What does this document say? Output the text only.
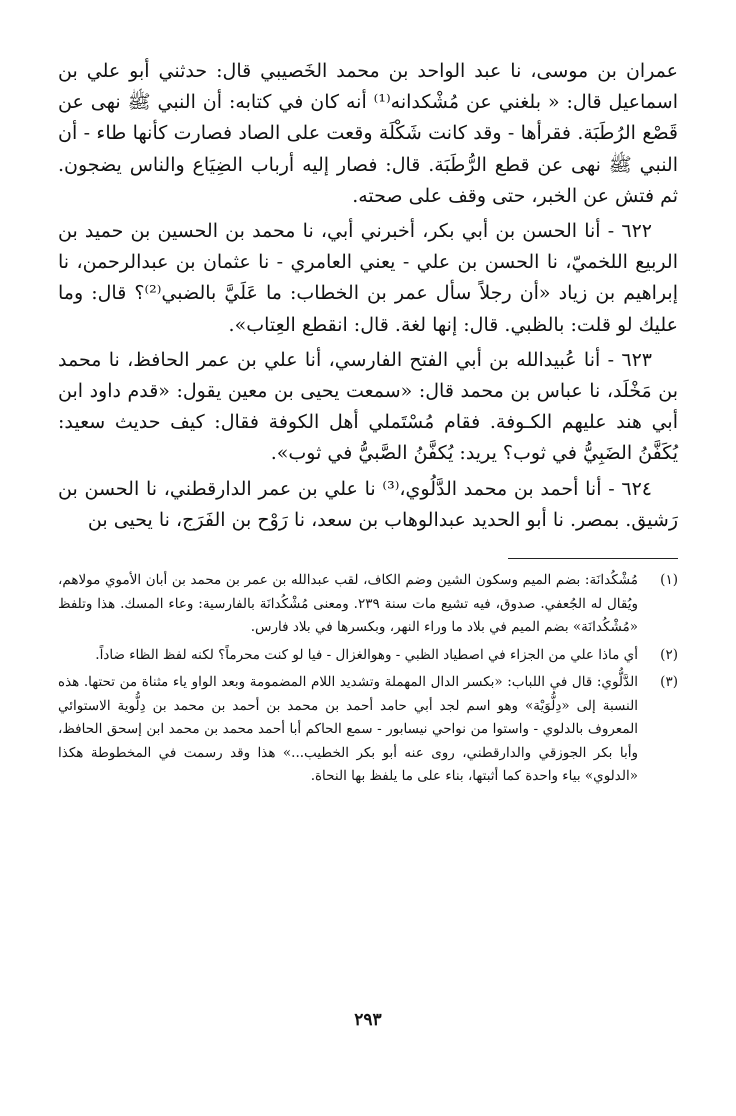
عمران بن موسى، نا عبد الواحد بن محمد الخَصيبي قال: حدثني أبو علي بن اسماعيل قال: « بلغني عن مُشْكدانه⁽¹⁾ أنه كان في كتابه: أن النبي ﷺ نهى عن قَصْع الرُطَبَة. فقرأها - وقد كانت شَكْلَة وقعت على الصاد فصارت كأنها طاء - أن النبي ﷺ نهى عن قطع الرُّطَبَة. قال: فصار إليه أرباب الضِيَاع والناس يضجون. ثم فتش عن الخبر، حتى وقف على صحته.

٦٢٢ - أنا الحسن بن أبي بكر، أخبرني أبي، نا محمد بن الحسين بن حميد بن الربيع اللخميّ، نا الحسن بن علي - يعني العامري - نا عثمان بن عبدالرحمن، نا إبراهيم بن زياد «أن رجلاً سأل عمر بن الخطاب: ما عَلَيَّ بالضبي⁽²⁾؟ قال: وما عليك لو قلت: بالظبي. قال: إنها لغة. قال: انقطع العِتاب».

٦٢٣ - أنا عُبيدالله بن أبي الفتح الفارسي، أنا علي بن عمر الحافظ، نا محمد بن مَخْلَد، نا عباس بن محمد قال: «سمعت يحيى بن معين يقول: «قدم داود ابن أبي هند عليهم الكـوفة. فقام مُسْتَملي أهل الكوفة فقال: كيف حديث سعيد: يُكَفَّنُ الضَبِيُّ في ثوب؟ يريد: يُكفَّنُ الصَّبيُّ في ثوب».

٦٢٤ - أنا أحمد بن محمد الدَّلُوي،⁽³⁾ نا علي بن عمر الدارقطني، نا الحسن بن رَشيق. بمصر. نا أبو الحديد عبدالوهاب بن سعد، نا رَوْح بن الفَرَج، نا يحيى بن

(١)
مُشْكُدانَة: بضم الميم وسكون الشين وضم الكاف، لقب عبدالله بن عمر بن محمد بن أبان الأموي مولاهم، ويُقال له الجُعفي. صدوق، فيه تشيع مات سنة ٢٣٩. ومعنى مُشْكُدانَة بالفارسية: وعاء المسك. هذا وتلفظ «مُشْكُدانَة» بضم الميم في بلاد ما وراء النهر، وبكسرها في بلاد فارس.
(٢)
أي ماذا علي من الجزاء في اصطياد الظبي - وهوالغزال - فيا لو كنت محرماً؟ لكنه لفظ الظاء ضاداً.
(٣)
الدَّلُّوي: قال في اللباب: «بكسر الدال المهملة وتشديد اللام المضمومة وبعد الواو ياء مثناة من تحتها. هذه النسبة إلى «دِلُّوَيْة» وهو اسم لجد أبي حامد أحمد بن محمد بن أحمد بن محمد بن دِلُّوية الاستوائي المعروف بالدلوي - واستوا من نواحي نيسابور - سمع الحاكم أبا أحمد محمد بن محمد ابن إسحق الحافظ، وأبا بكر الجوزقي والدارقطني، روى عنه أبو بكر الخطيب...» هذا وقد رسمت في المخطوطة هكذا «الدلوي» بياء واحدة كما أثبتها، بناء على ما يلفظ بها النحاة.
٢٩٣
